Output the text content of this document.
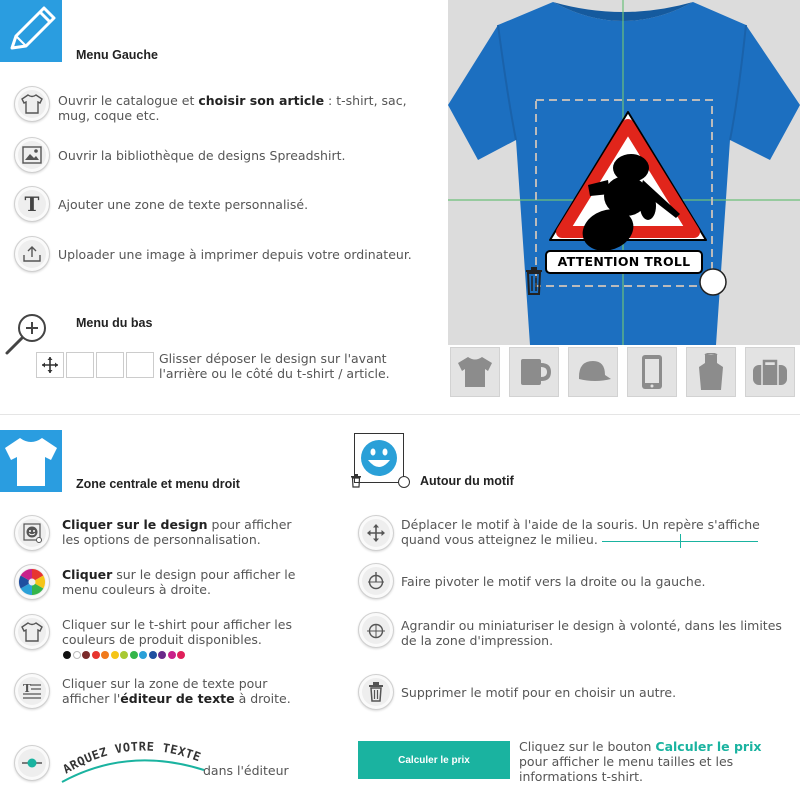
Menu Gauche
Ouvrir le catalogue et choisir son article : t-shirt, sac, mug, coque etc.
Ouvrir la bibliothèque de designs Spreadshirt.
T Ajouter une zone de texte personnalisé.
Uploader une image à imprimer depuis votre ordinateur.
Menu du bas
Glisser déposer le design sur l'avant l'arrière ou le côté du t-shirt / article.
ATTENTION TROLL
Zone centrale et menu droit
Cliquer sur le design pour afficher les options de personnalisation.
Cliquer sur le design pour afficher le menu couleurs à droite.
Cliquer sur le t-shirt pour afficher les couleurs de produit disponibles.
T Cliquer sur la zone de texte pour afficher l'éditeur de texte à droite.
ARQUEZ VOTRE TEXTE
dans l'éditeur
Autour du motif
Déplacer le motif à l'aide de la souris. Un repère s'affiche quand vous atteignez le milieu.
Faire pivoter le motif vers la droite ou la gauche.
Agrandir ou miniaturiser le design à volonté, dans les limites de la zone d'impression.
Supprimer le motif pour en choisir un autre.
Calculer le prix
Cliquez sur le bouton Calculer le prix pour afficher le menu tailles et les informations t-shirt.
